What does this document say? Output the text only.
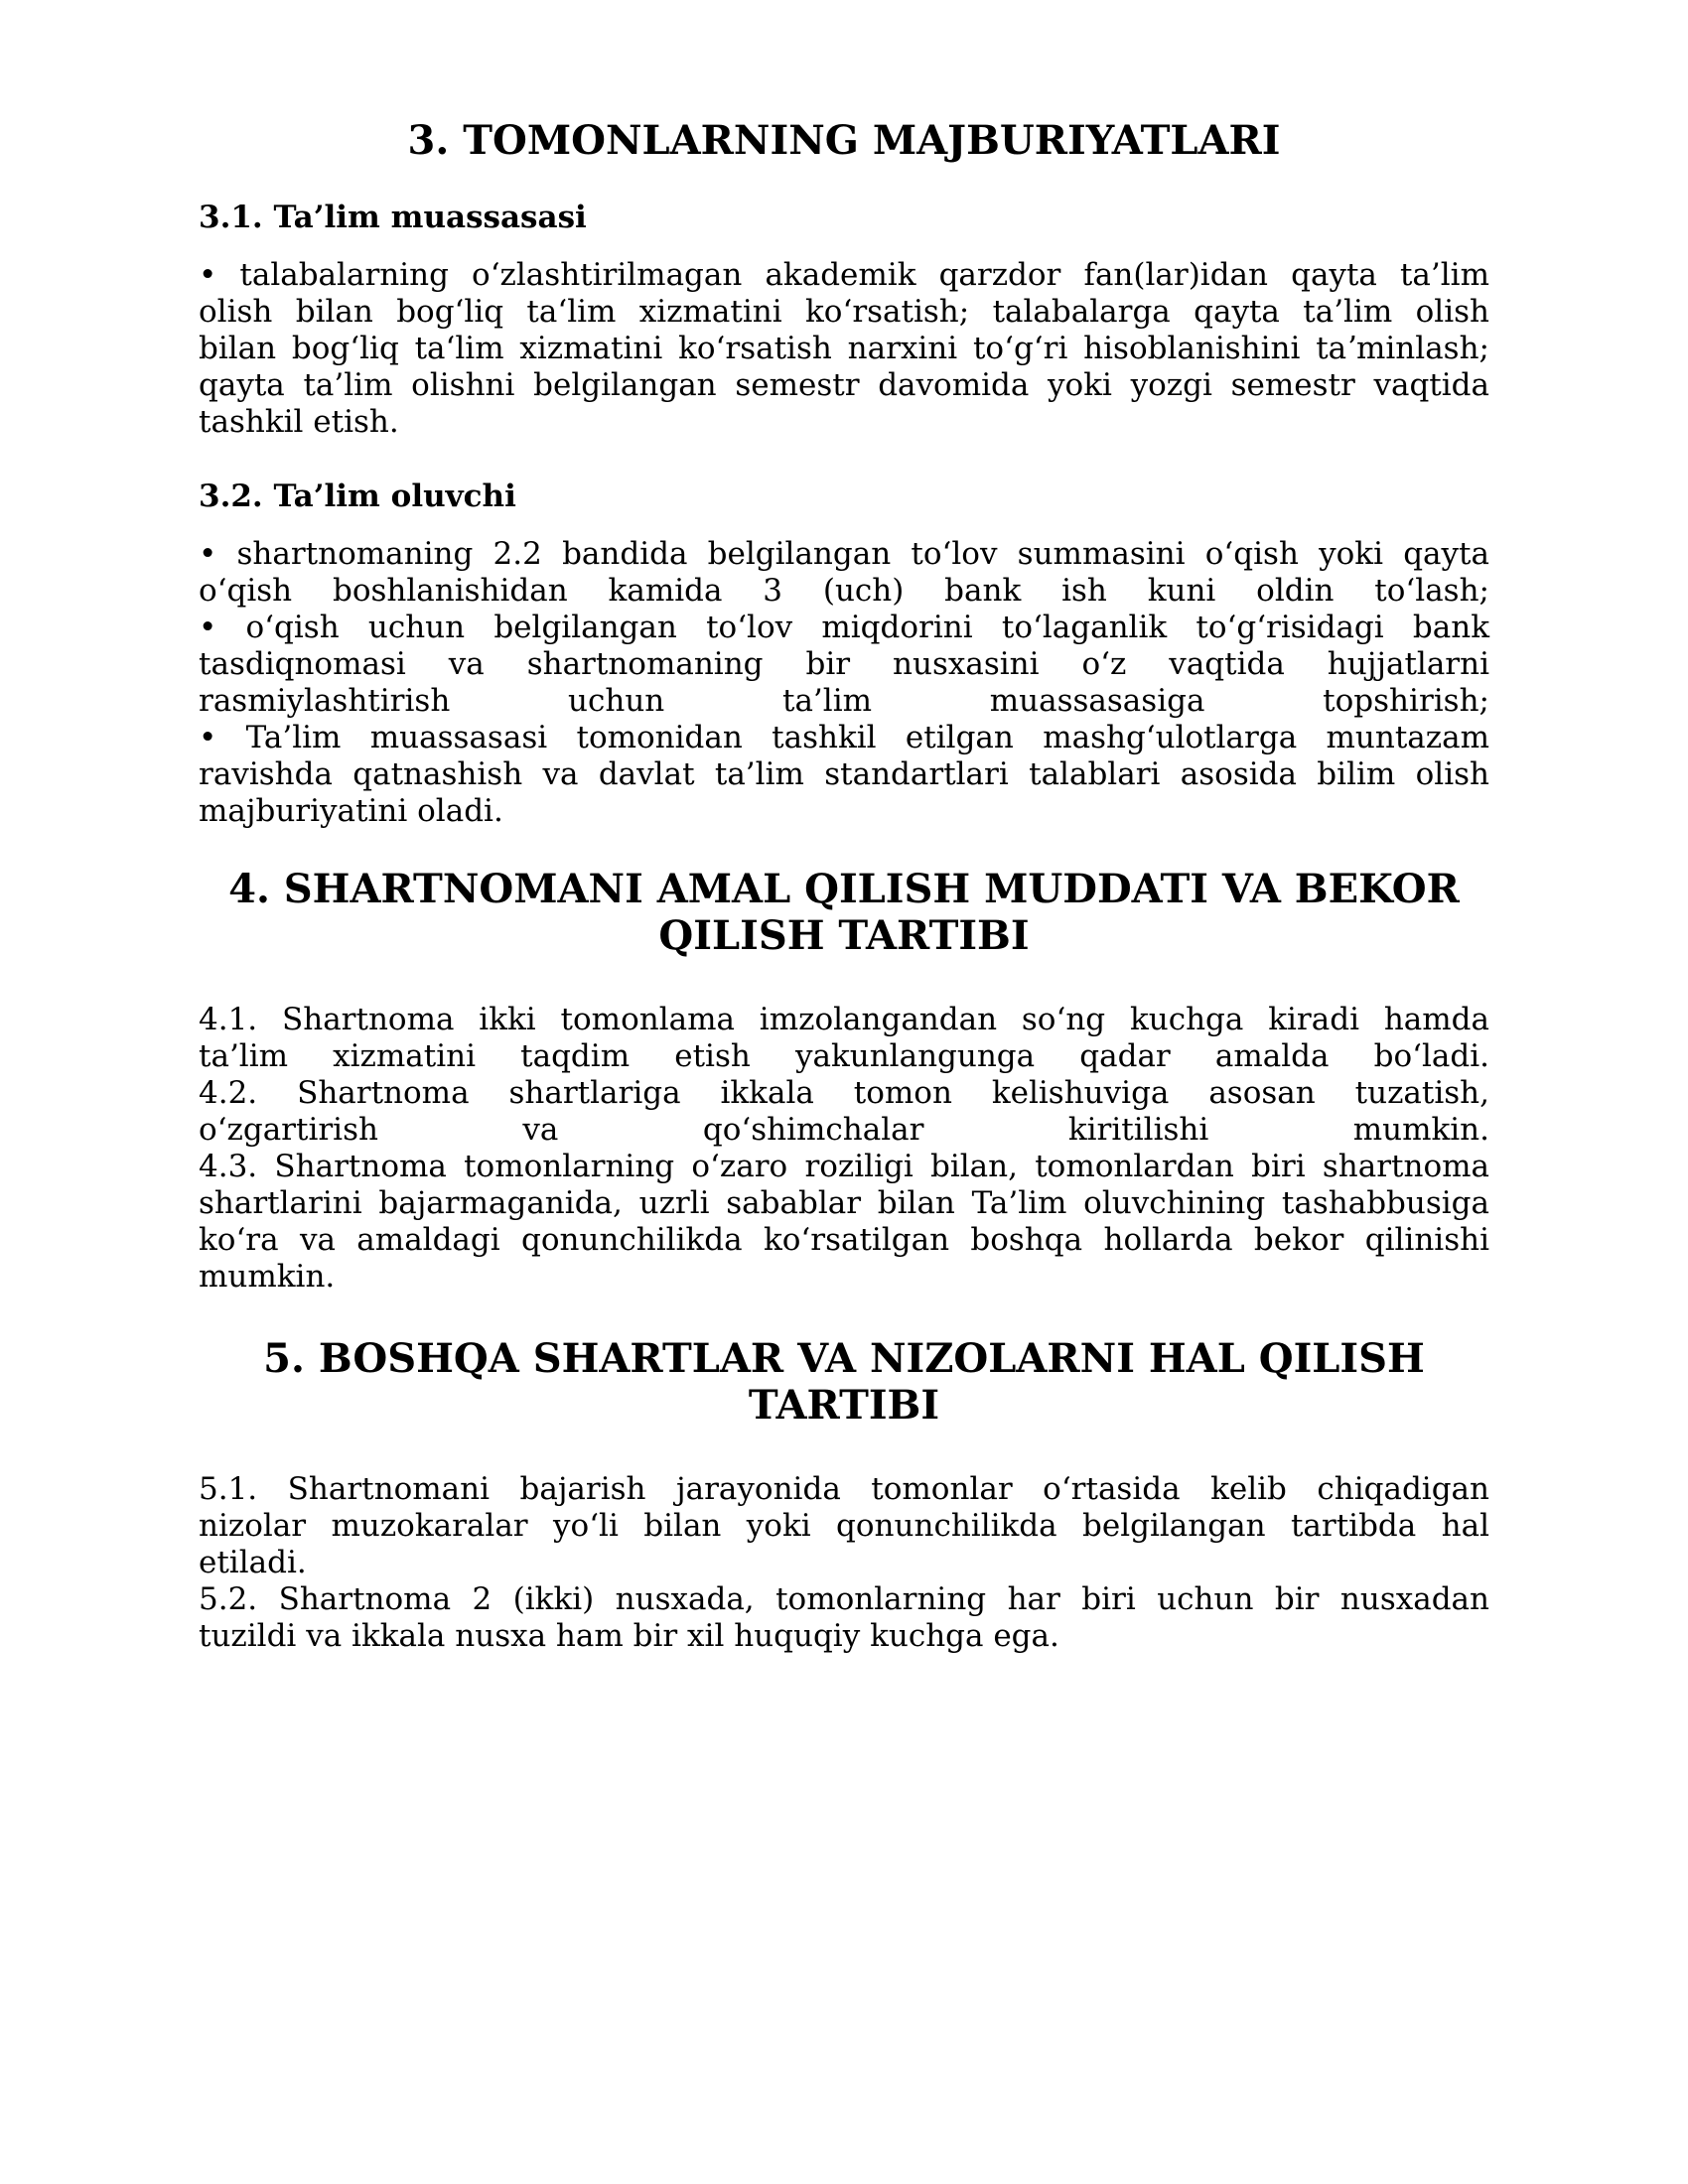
3. TOMONLARNING MAJBURIYATLARI
3.1. Ta’lim muassasasi
• talabalarning oʻzlashtirilmagan akademik qarzdor fan(lar)idan qayta ta’lim
olish bilan bogʻliq taʻlim xizmatini koʻrsatish; talabalarga qayta ta’lim olish
bilan bogʻliq taʻlim xizmatini koʻrsatish narxini toʻgʻri hisoblanishini taʼminlash;
qayta ta’lim olishni belgilangan semestr davomida yoki yozgi semestr vaqtida
tashkil etish.
3.2. Ta’lim oluvchi
• shartnomaning 2.2 bandida belgilangan toʻlov summasini oʻqish yoki qayta
oʻqish boshlanishidan kamida 3 (uch) bank ish kuni oldin toʻlash;
• oʻqish uchun belgilangan toʻlov miqdorini toʻlaganlik toʻgʻrisidagi bank
tasdiqnomasi va shartnomaning bir nusxasini oʻz vaqtida hujjatlarni
rasmiylashtirish uchun ta’lim muassasasiga topshirish;
• Ta’lim muassasasi tomonidan tashkil etilgan mashgʻulotlarga muntazam
ravishda qatnashish va davlat ta’lim standartlari talablari asosida bilim olish
majburiyatini oladi.
4. SHARTNOMANI AMAL QILISH MUDDATI VA BEKOR
QILISH TARTIBI
4.1. Shartnoma ikki tomonlama imzolangandan soʻng kuchga kiradi hamda
ta’lim xizmatini taqdim etish yakunlangunga qadar amalda boʻladi.
4.2. Shartnoma shartlariga ikkala tomon kelishuviga asosan tuzatish,
oʻzgartirish va qoʻshimchalar kiritilishi mumkin.
4.3. Shartnoma tomonlarning oʻzaro roziligi bilan, tomonlardan biri shartnoma
shartlarini bajarmaganida, uzrli sabablar bilan Ta’lim oluvchining tashabbusiga
koʻra va amaldagi qonunchilikda koʻrsatilgan boshqa hollarda bekor qilinishi
mumkin.
5. BOSHQA SHARTLAR VA NIZOLARNI HAL QILISH
TARTIBI
5.1. Shartnomani bajarish jarayonida tomonlar oʻrtasida kelib chiqadigan
nizolar muzokaralar yoʻli bilan yoki qonunchilikda belgilangan tartibda hal
etiladi.
5.2. Shartnoma 2 (ikki) nusxada, tomonlarning har biri uchun bir nusxadan
tuzildi va ikkala nusxa ham bir xil huquqiy kuchga ega.
